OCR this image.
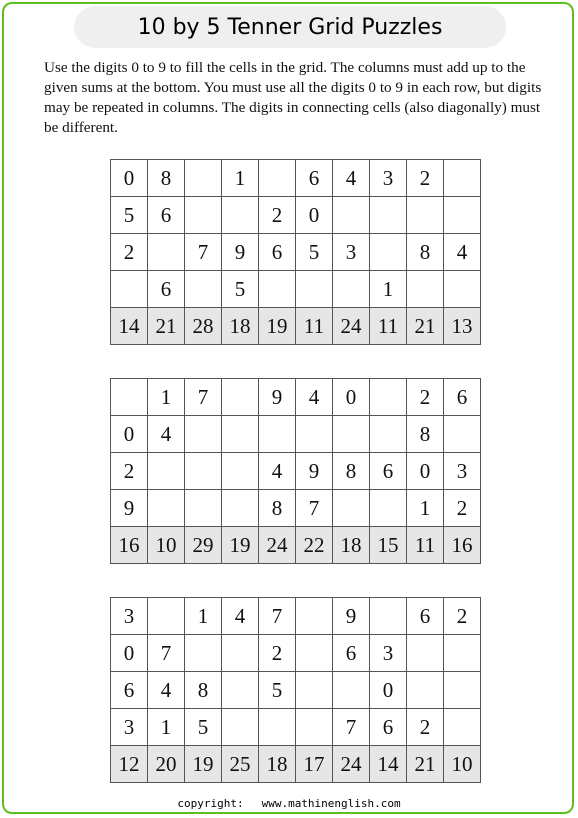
10 by 5 Tenner Grid Puzzles

Use the digits 0 to 9 to fill the cells in the grid. The columns must add up to the given sums at the bottom. You must use all the digits 0 to 9 in each row, but digits may be repeated in columns. The digits in connecting cells (also diagonally) must be different.

0	8		1		6	4	3	2	
5	6			2	0				
2		7	9	6	5	3		8	4
	6		5				1		
14	21	28	18	19	11	24	11	21	13
	1	7		9	4	0		2	6
0	4							8	
2				4	9	8	6	0	3
9				8	7			1	2
16	10	29	19	24	22	18	15	11	16
3		1	4	7		9		6	2
0	7			2		6	3		
6	4	8		5			0		
3	1	5				7	6	2	
12	20	19	25	18	17	24	14	21	10
copyright: www.mathinenglish.com
